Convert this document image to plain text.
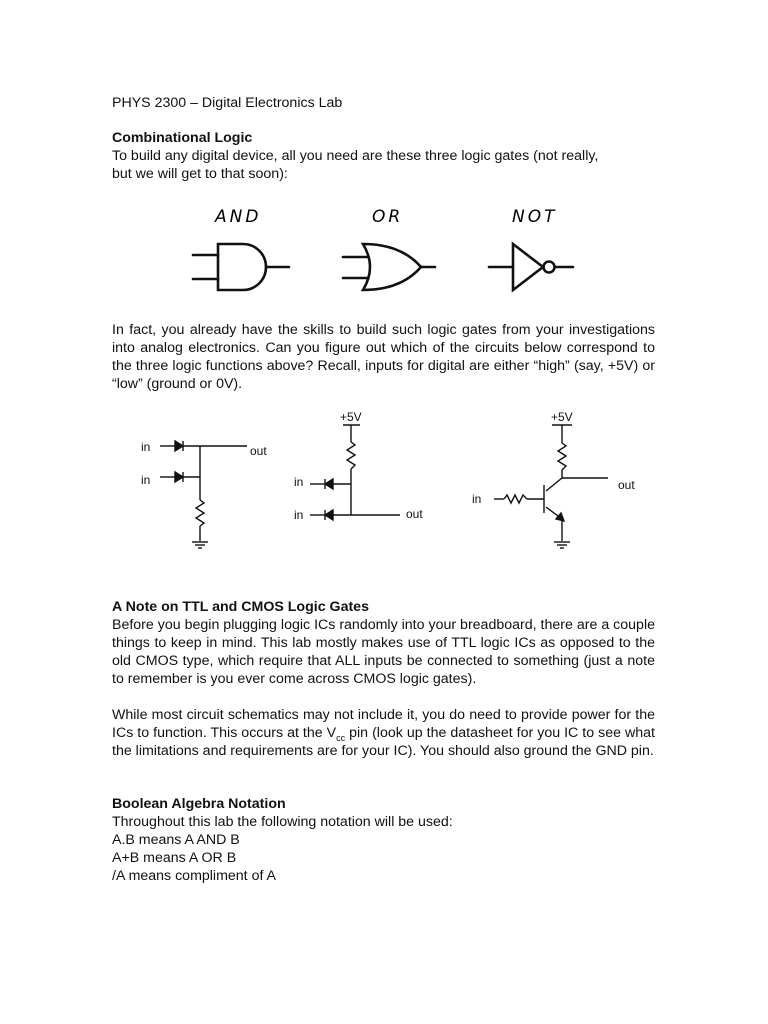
PHYS 2300 – Digital Electronics Lab

Combinational Logic

To build any digital device, all you need are these three logic gates (not really,
but we will get to that soon):

AND	OR	NOT

In fact, you already have the skills to build such logic gates from your investigations into analog electronics. Can you figure out which of the circuits below correspond to the three logic functions above? Recall, inputs for digital are either “high” (say, +5V) or “low” (ground or 0V).

in
in
out
+5V
in
in	out
+5V
in
out

A Note on TTL and CMOS Logic Gates

Before you begin plugging logic ICs randomly into your breadboard, there are a couple things to keep in mind. This lab mostly makes use of TTL logic ICs as opposed to the old CMOS type, which require that ALL inputs be connected to something (just a note to remember is you ever come across CMOS logic gates).

While most circuit schematics may not include it, you do need to provide power for the ICs to function. This occurs at the $V_{cc}$ pin (look up the datasheet for you IC to see what the limitations and requirements are for your IC). You should also ground the GND pin.

Boolean Algebra Notation

Throughout this lab the following notation will be used:

A.B means A AND B

A+B means A OR B

/A means compliment of A
